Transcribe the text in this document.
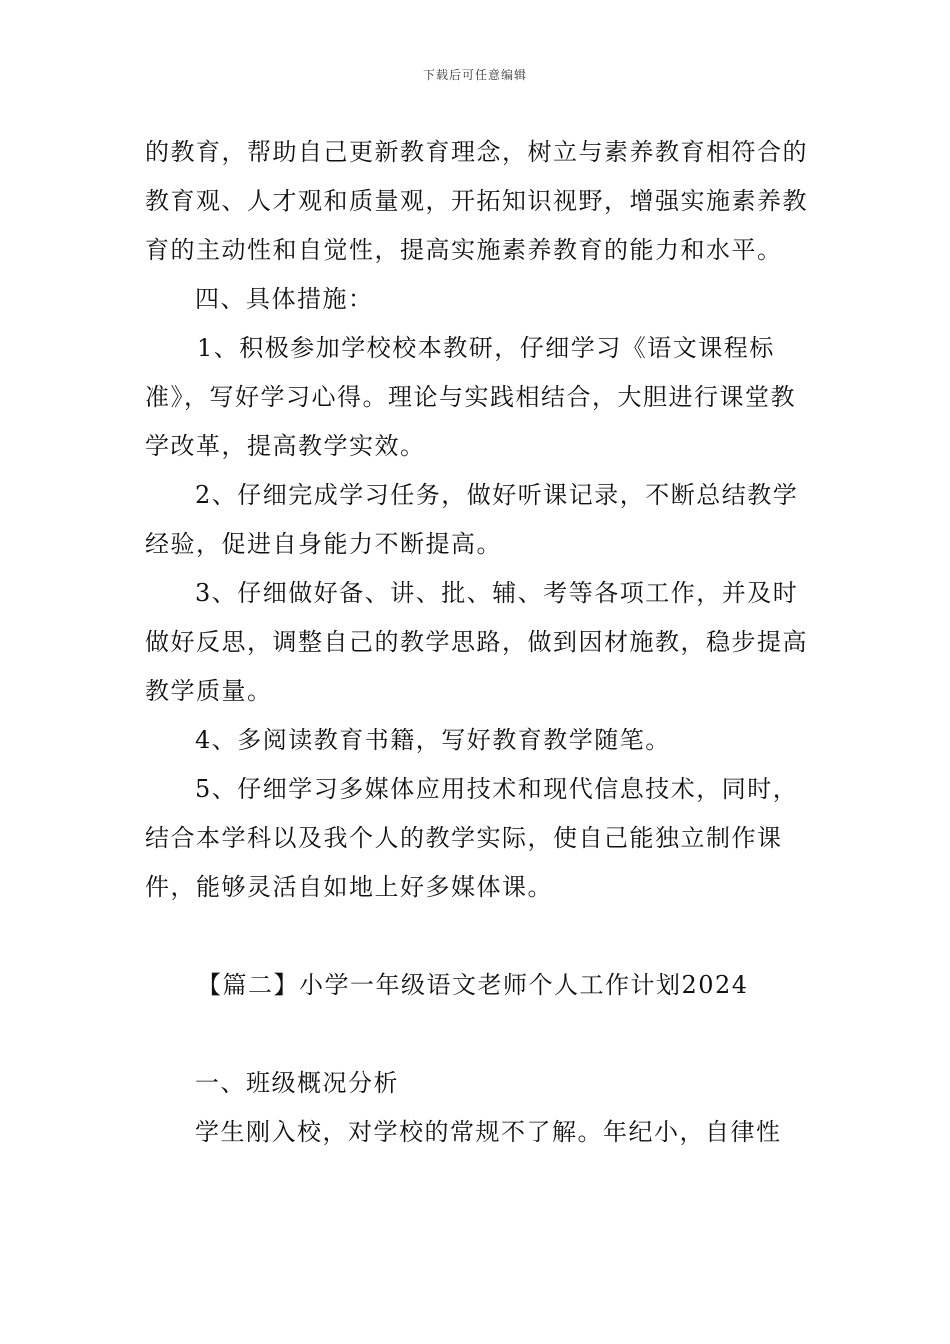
下载后可任意编辑

的教育，帮助自己更新教育理念，树立与素养教育相符合的教育观、人才观和质量观，开拓知识视野，增强实施素养教育的主动性和自觉性，提高实施素养教育的能力和水平。

四、具体措施：

1、积极参加学校校本教研，仔细学习《语文课程标准》，写好学习心得。理论与实践相结合，大胆进行课堂教学改革，提高教学实效。

2、仔细完成学习任务，做好听课记录，不断总结教学经验，促进自身能力不断提高。

3、仔细做好备、讲、批、辅、考等各项工作，并及时做好反思，调整自己的教学思路，做到因材施教，稳步提高教学质量。

4、多阅读教育书籍，写好教育教学随笔。

5、仔细学习多媒体应用技术和现代信息技术，同时，结合本学科以及我个人的教学实际，使自己能独立制作课件，能够灵活自如地上好多媒体课。

【篇二】小学一年级语文老师个人工作计划2024

一、班级概况分析

学生刚入校，对学校的常规不了解。年纪小，自律性
